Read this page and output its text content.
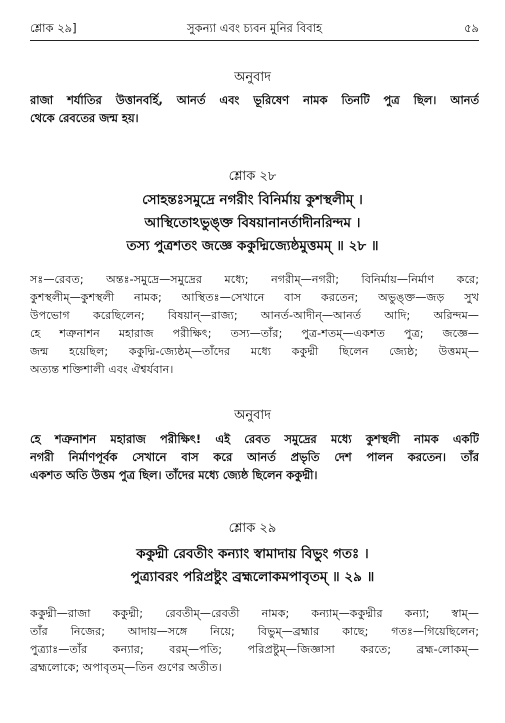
শ্লোক ২৯]	সুকন্যা এবং চ্যবন মুনির বিবাহ	৫৯
অনুবাদ
রাজা শর্যাতির উত্তানবর্হি, আনর্ত এবং ভূরিষেণ নামক তিনটি পুত্র ছিল। আনর্ত
থেকে রেবতের জন্ম হয়।
শ্লোক ২৮
সোহন্তঃসমুদ্রে নগরীং বিনির্মায় কুশস্থলীম্ ।
আস্থিতোঽভুঙ্ক্ত বিষয়ানানর্তাদীনরিন্দম ।
তস্য পুত্রশতং জজ্ঞে ককুদ্মিজ্যেষ্ঠমুত্তমম্ ॥ ২৮ ॥
সঃ—রেবত; অন্তঃ-সমুদ্রে—সমুদ্রের মধ্যে; নগরীম্—নগরী; বিনির্মায়—নির্মাণ করে;
কুশস্থলীম্—কুশস্থলী নামক; আস্থিতঃ—সেখানে বাস করতেন; অভুঙ্ক্ত—জড় সুখ
উপভোগ করেছিলেন; বিষয়ান্—রাজ্য; আনর্ত-আদীন্—আনর্ত আদি; অরিন্দম—
হে শত্রুনাশন মহারাজ পরীক্ষিৎ; তস্য—তাঁর; পুত্র-শতম্—একশত পুত্র; জজ্ঞে—
জন্ম হয়েছিল; ককুদ্মি-জ্যেষ্ঠম্—তাঁদের মধ্যে ককুদ্মী ছিলেন জ্যেষ্ঠ; উত্তমম্—
অত্যন্ত শক্তিশালী এবং ঐশ্বর্যবান।
অনুবাদ
হে শত্রুনাশন মহারাজ পরীক্ষিৎ! এই রেবত সমুদ্রের মধ্যে কুশস্থলী নামক একটি
নগরী নির্মাণপূর্বক সেখানে বাস করে আনর্ত প্রভৃতি দেশ পালন করতেন। তাঁর
একশত অতি উত্তম পুত্র ছিল। তাঁদের মধ্যে জ্যেষ্ঠ ছিলেন ককুদ্মী।
শ্লোক ২৯
ককুদ্মী রেবতীং কন্যাং স্বামাদায় বিভুং গতঃ ।
পুত্র্যাবরং পরিপ্রষ্টুং ব্রহ্মলোকমপাবৃতম্ ॥ ২৯ ॥
ককুদ্মী—রাজা ককুদ্মী; রেবতীম্—রেবতী নামক; কন্যাম্—ককুদ্মীর কন্যা; স্বাম্—
তাঁর নিজের; আদায়—সঙ্গে নিয়ে; বিভুম্—ব্রহ্মার কাছে; গতঃ—গিয়েছিলেন;
পুত্র্যাঃ—তাঁর কন্যার; বরম্—পতি; পরিপ্রষ্টুম্—জিজ্ঞাসা করতে; ব্রহ্ম-লোকম্—
ব্রহ্মলোকে; অপাবৃতম্—তিন গুণের অতীত।
